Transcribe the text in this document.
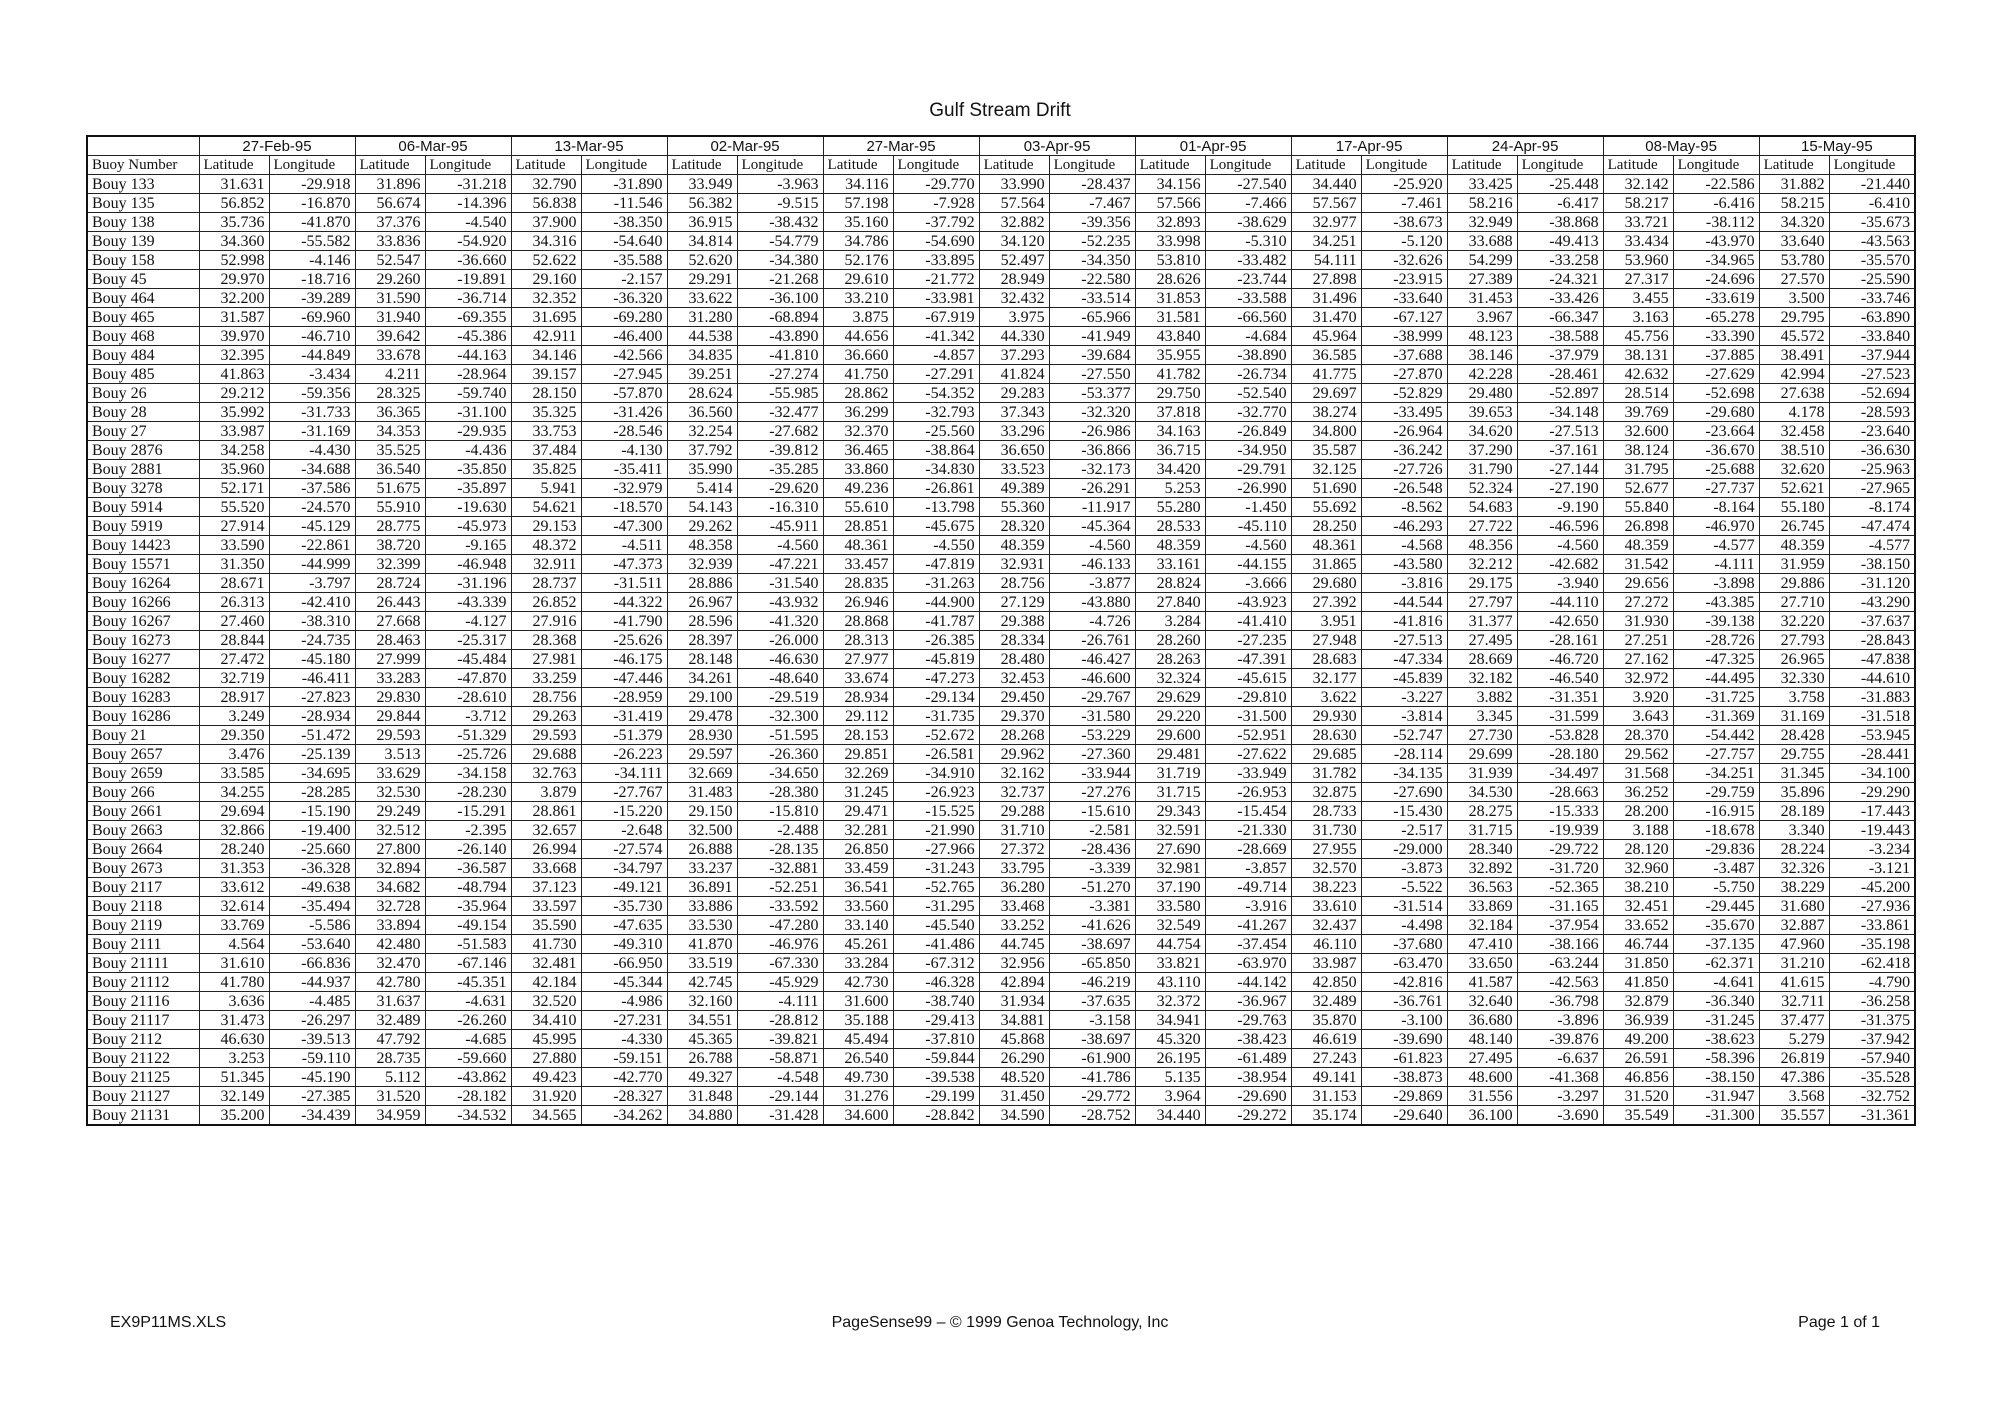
Gulf Stream Drift
	27-Feb-95		06-Mar-95		13-Mar-95		02-Mar-95		27-Mar-95		03-Apr-95		01-Apr-95		17-Apr-95		24-Apr-95		08-May-95		15-May-95	
Buoy Number	Latitude	Longitude	Latitude	Longitude	Latitude	Longitude	Latitude	Longitude	Latitude	Longitude	Latitude	Longitude	Latitude	Longitude	Latitude	Longitude	Latitude	Longitude	Latitude	Longitude	Latitude	Longitude
Bouy 133	31.631	-29.918	31.896	-31.218	32.790	-31.890	33.949	-3.963	34.116	-29.770	33.990	-28.437	34.156	-27.540	34.440	-25.920	33.425	-25.448	32.142	-22.586	31.882	-21.440
Bouy 135	56.852	-16.870	56.674	-14.396	56.838	-11.546	56.382	-9.515	57.198	-7.928	57.564	-7.467	57.566	-7.466	57.567	-7.461	58.216	-6.417	58.217	-6.416	58.215	-6.410
Bouy 138	35.736	-41.870	37.376	-4.540	37.900	-38.350	36.915	-38.432	35.160	-37.792	32.882	-39.356	32.893	-38.629	32.977	-38.673	32.949	-38.868	33.721	-38.112	34.320	-35.673
Bouy 139	34.360	-55.582	33.836	-54.920	34.316	-54.640	34.814	-54.779	34.786	-54.690	34.120	-52.235	33.998	-5.310	34.251	-5.120	33.688	-49.413	33.434	-43.970	33.640	-43.563
Bouy 158	52.998	-4.146	52.547	-36.660	52.622	-35.588	52.620	-34.380	52.176	-33.895	52.497	-34.350	53.810	-33.482	54.111	-32.626	54.299	-33.258	53.960	-34.965	53.780	-35.570
Bouy 45	29.970	-18.716	29.260	-19.891	29.160	-2.157	29.291	-21.268	29.610	-21.772	28.949	-22.580	28.626	-23.744	27.898	-23.915	27.389	-24.321	27.317	-24.696	27.570	-25.590
Bouy 464	32.200	-39.289	31.590	-36.714	32.352	-36.320	33.622	-36.100	33.210	-33.981	32.432	-33.514	31.853	-33.588	31.496	-33.640	31.453	-33.426	3.455	-33.619	3.500	-33.746
Bouy 465	31.587	-69.960	31.940	-69.355	31.695	-69.280	31.280	-68.894	3.875	-67.919	3.975	-65.966	31.581	-66.560	31.470	-67.127	3.967	-66.347	3.163	-65.278	29.795	-63.890
Bouy 468	39.970	-46.710	39.642	-45.386	42.911	-46.400	44.538	-43.890	44.656	-41.342	44.330	-41.949	43.840	-4.684	45.964	-38.999	48.123	-38.588	45.756	-33.390	45.572	-33.840
Bouy 484	32.395	-44.849	33.678	-44.163	34.146	-42.566	34.835	-41.810	36.660	-4.857	37.293	-39.684	35.955	-38.890	36.585	-37.688	38.146	-37.979	38.131	-37.885	38.491	-37.944
Bouy 485	41.863	-3.434	4.211	-28.964	39.157	-27.945	39.251	-27.274	41.750	-27.291	41.824	-27.550	41.782	-26.734	41.775	-27.870	42.228	-28.461	42.632	-27.629	42.994	-27.523
Bouy 26	29.212	-59.356	28.325	-59.740	28.150	-57.870	28.624	-55.985	28.862	-54.352	29.283	-53.377	29.750	-52.540	29.697	-52.829	29.480	-52.897	28.514	-52.698	27.638	-52.694
Bouy 28	35.992	-31.733	36.365	-31.100	35.325	-31.426	36.560	-32.477	36.299	-32.793	37.343	-32.320	37.818	-32.770	38.274	-33.495	39.653	-34.148	39.769	-29.680	4.178	-28.593
Bouy 27	33.987	-31.169	34.353	-29.935	33.753	-28.546	32.254	-27.682	32.370	-25.560	33.296	-26.986	34.163	-26.849	34.800	-26.964	34.620	-27.513	32.600	-23.664	32.458	-23.640
Bouy 2876	34.258	-4.430	35.525	-4.436	37.484	-4.130	37.792	-39.812	36.465	-38.864	36.650	-36.866	36.715	-34.950	35.587	-36.242	37.290	-37.161	38.124	-36.670	38.510	-36.630
Bouy 2881	35.960	-34.688	36.540	-35.850	35.825	-35.411	35.990	-35.285	33.860	-34.830	33.523	-32.173	34.420	-29.791	32.125	-27.726	31.790	-27.144	31.795	-25.688	32.620	-25.963
Bouy 3278	52.171	-37.586	51.675	-35.897	5.941	-32.979	5.414	-29.620	49.236	-26.861	49.389	-26.291	5.253	-26.990	51.690	-26.548	52.324	-27.190	52.677	-27.737	52.621	-27.965
Bouy 5914	55.520	-24.570	55.910	-19.630	54.621	-18.570	54.143	-16.310	55.610	-13.798	55.360	-11.917	55.280	-1.450	55.692	-8.562	54.683	-9.190	55.840	-8.164	55.180	-8.174
Bouy 5919	27.914	-45.129	28.775	-45.973	29.153	-47.300	29.262	-45.911	28.851	-45.675	28.320	-45.364	28.533	-45.110	28.250	-46.293	27.722	-46.596	26.898	-46.970	26.745	-47.474
Bouy 14423	33.590	-22.861	38.720	-9.165	48.372	-4.511	48.358	-4.560	48.361	-4.550	48.359	-4.560	48.359	-4.560	48.361	-4.568	48.356	-4.560	48.359	-4.577	48.359	-4.577
Bouy 15571	31.350	-44.999	32.399	-46.948	32.911	-47.373	32.939	-47.221	33.457	-47.819	32.931	-46.133	33.161	-44.155	31.865	-43.580	32.212	-42.682	31.542	-4.111	31.959	-38.150
Bouy 16264	28.671	-3.797	28.724	-31.196	28.737	-31.511	28.886	-31.540	28.835	-31.263	28.756	-3.877	28.824	-3.666	29.680	-3.816	29.175	-3.940	29.656	-3.898	29.886	-31.120
Bouy 16266	26.313	-42.410	26.443	-43.339	26.852	-44.322	26.967	-43.932	26.946	-44.900	27.129	-43.880	27.840	-43.923	27.392	-44.544	27.797	-44.110	27.272	-43.385	27.710	-43.290
Bouy 16267	27.460	-38.310	27.668	-4.127	27.916	-41.790	28.596	-41.320	28.868	-41.787	29.388	-4.726	3.284	-41.410	3.951	-41.816	31.377	-42.650	31.930	-39.138	32.220	-37.637
Bouy 16273	28.844	-24.735	28.463	-25.317	28.368	-25.626	28.397	-26.000	28.313	-26.385	28.334	-26.761	28.260	-27.235	27.948	-27.513	27.495	-28.161	27.251	-28.726	27.793	-28.843
Bouy 16277	27.472	-45.180	27.999	-45.484	27.981	-46.175	28.148	-46.630	27.977	-45.819	28.480	-46.427	28.263	-47.391	28.683	-47.334	28.669	-46.720	27.162	-47.325	26.965	-47.838
Bouy 16282	32.719	-46.411	33.283	-47.870	33.259	-47.446	34.261	-48.640	33.674	-47.273	32.453	-46.600	32.324	-45.615	32.177	-45.839	32.182	-46.540	32.972	-44.495	32.330	-44.610
Bouy 16283	28.917	-27.823	29.830	-28.610	28.756	-28.959	29.100	-29.519	28.934	-29.134	29.450	-29.767	29.629	-29.810	3.622	-3.227	3.882	-31.351	3.920	-31.725	3.758	-31.883
Bouy 16286	3.249	-28.934	29.844	-3.712	29.263	-31.419	29.478	-32.300	29.112	-31.735	29.370	-31.580	29.220	-31.500	29.930	-3.814	3.345	-31.599	3.643	-31.369	31.169	-31.518
Bouy 21	29.350	-51.472	29.593	-51.329	29.593	-51.379	28.930	-51.595	28.153	-52.672	28.268	-53.229	29.600	-52.951	28.630	-52.747	27.730	-53.828	28.370	-54.442	28.428	-53.945
Bouy 2657	3.476	-25.139	3.513	-25.726	29.688	-26.223	29.597	-26.360	29.851	-26.581	29.962	-27.360	29.481	-27.622	29.685	-28.114	29.699	-28.180	29.562	-27.757	29.755	-28.441
Bouy 2659	33.585	-34.695	33.629	-34.158	32.763	-34.111	32.669	-34.650	32.269	-34.910	32.162	-33.944	31.719	-33.949	31.782	-34.135	31.939	-34.497	31.568	-34.251	31.345	-34.100
Bouy 266	34.255	-28.285	32.530	-28.230	3.879	-27.767	31.483	-28.380	31.245	-26.923	32.737	-27.276	31.715	-26.953	32.875	-27.690	34.530	-28.663	36.252	-29.759	35.896	-29.290
Bouy 2661	29.694	-15.190	29.249	-15.291	28.861	-15.220	29.150	-15.810	29.471	-15.525	29.288	-15.610	29.343	-15.454	28.733	-15.430	28.275	-15.333	28.200	-16.915	28.189	-17.443
Bouy 2663	32.866	-19.400	32.512	-2.395	32.657	-2.648	32.500	-2.488	32.281	-21.990	31.710	-2.581	32.591	-21.330	31.730	-2.517	31.715	-19.939	3.188	-18.678	3.340	-19.443
Bouy 2664	28.240	-25.660	27.800	-26.140	26.994	-27.574	26.888	-28.135	26.850	-27.966	27.372	-28.436	27.690	-28.669	27.955	-29.000	28.340	-29.722	28.120	-29.836	28.224	-3.234
Bouy 2673	31.353	-36.328	32.894	-36.587	33.668	-34.797	33.237	-32.881	33.459	-31.243	33.795	-3.339	32.981	-3.857	32.570	-3.873	32.892	-31.720	32.960	-3.487	32.326	-3.121
Bouy 2117	33.612	-49.638	34.682	-48.794	37.123	-49.121	36.891	-52.251	36.541	-52.765	36.280	-51.270	37.190	-49.714	38.223	-5.522	36.563	-52.365	38.210	-5.750	38.229	-45.200
Bouy 2118	32.614	-35.494	32.728	-35.964	33.597	-35.730	33.886	-33.592	33.560	-31.295	33.468	-3.381	33.580	-3.916	33.610	-31.514	33.869	-31.165	32.451	-29.445	31.680	-27.936
Bouy 2119	33.769	-5.586	33.894	-49.154	35.590	-47.635	33.530	-47.280	33.140	-45.540	33.252	-41.626	32.549	-41.267	32.437	-4.498	32.184	-37.954	33.652	-35.670	32.887	-33.861
Bouy 2111	4.564	-53.640	42.480	-51.583	41.730	-49.310	41.870	-46.976	45.261	-41.486	44.745	-38.697	44.754	-37.454	46.110	-37.680	47.410	-38.166	46.744	-37.135	47.960	-35.198
Bouy 21111	31.610	-66.836	32.470	-67.146	32.481	-66.950	33.519	-67.330	33.284	-67.312	32.956	-65.850	33.821	-63.970	33.987	-63.470	33.650	-63.244	31.850	-62.371	31.210	-62.418
Bouy 21112	41.780	-44.937	42.780	-45.351	42.184	-45.344	42.745	-45.929	42.730	-46.328	42.894	-46.219	43.110	-44.142	42.850	-42.816	41.587	-42.563	41.850	-4.641	41.615	-4.790
Bouy 21116	3.636	-4.485	31.637	-4.631	32.520	-4.986	32.160	-4.111	31.600	-38.740	31.934	-37.635	32.372	-36.967	32.489	-36.761	32.640	-36.798	32.879	-36.340	32.711	-36.258
Bouy 21117	31.473	-26.297	32.489	-26.260	34.410	-27.231	34.551	-28.812	35.188	-29.413	34.881	-3.158	34.941	-29.763	35.870	-3.100	36.680	-3.896	36.939	-31.245	37.477	-31.375
Bouy 2112	46.630	-39.513	47.792	-4.685	45.995	-4.330	45.365	-39.821	45.494	-37.810	45.868	-38.697	45.320	-38.423	46.619	-39.690	48.140	-39.876	49.200	-38.623	5.279	-37.942
Bouy 21122	3.253	-59.110	28.735	-59.660	27.880	-59.151	26.788	-58.871	26.540	-59.844	26.290	-61.900	26.195	-61.489	27.243	-61.823	27.495	-6.637	26.591	-58.396	26.819	-57.940
Bouy 21125	51.345	-45.190	5.112	-43.862	49.423	-42.770	49.327	-4.548	49.730	-39.538	48.520	-41.786	5.135	-38.954	49.141	-38.873	48.600	-41.368	46.856	-38.150	47.386	-35.528
Bouy 21127	32.149	-27.385	31.520	-28.182	31.920	-28.327	31.848	-29.144	31.276	-29.199	31.450	-29.772	3.964	-29.690	31.153	-29.869	31.556	-3.297	31.520	-31.947	3.568	-32.752
Bouy 21131	35.200	-34.439	34.959	-34.532	34.565	-34.262	34.880	-31.428	34.600	-28.842	34.590	-28.752	34.440	-29.272	35.174	-29.640	36.100	-3.690	35.549	-31.300	35.557	-31.361
EX9P11MS.XLS	PageSense99 – © 1999 Genoa Technology, Inc	Page 1 of 1
